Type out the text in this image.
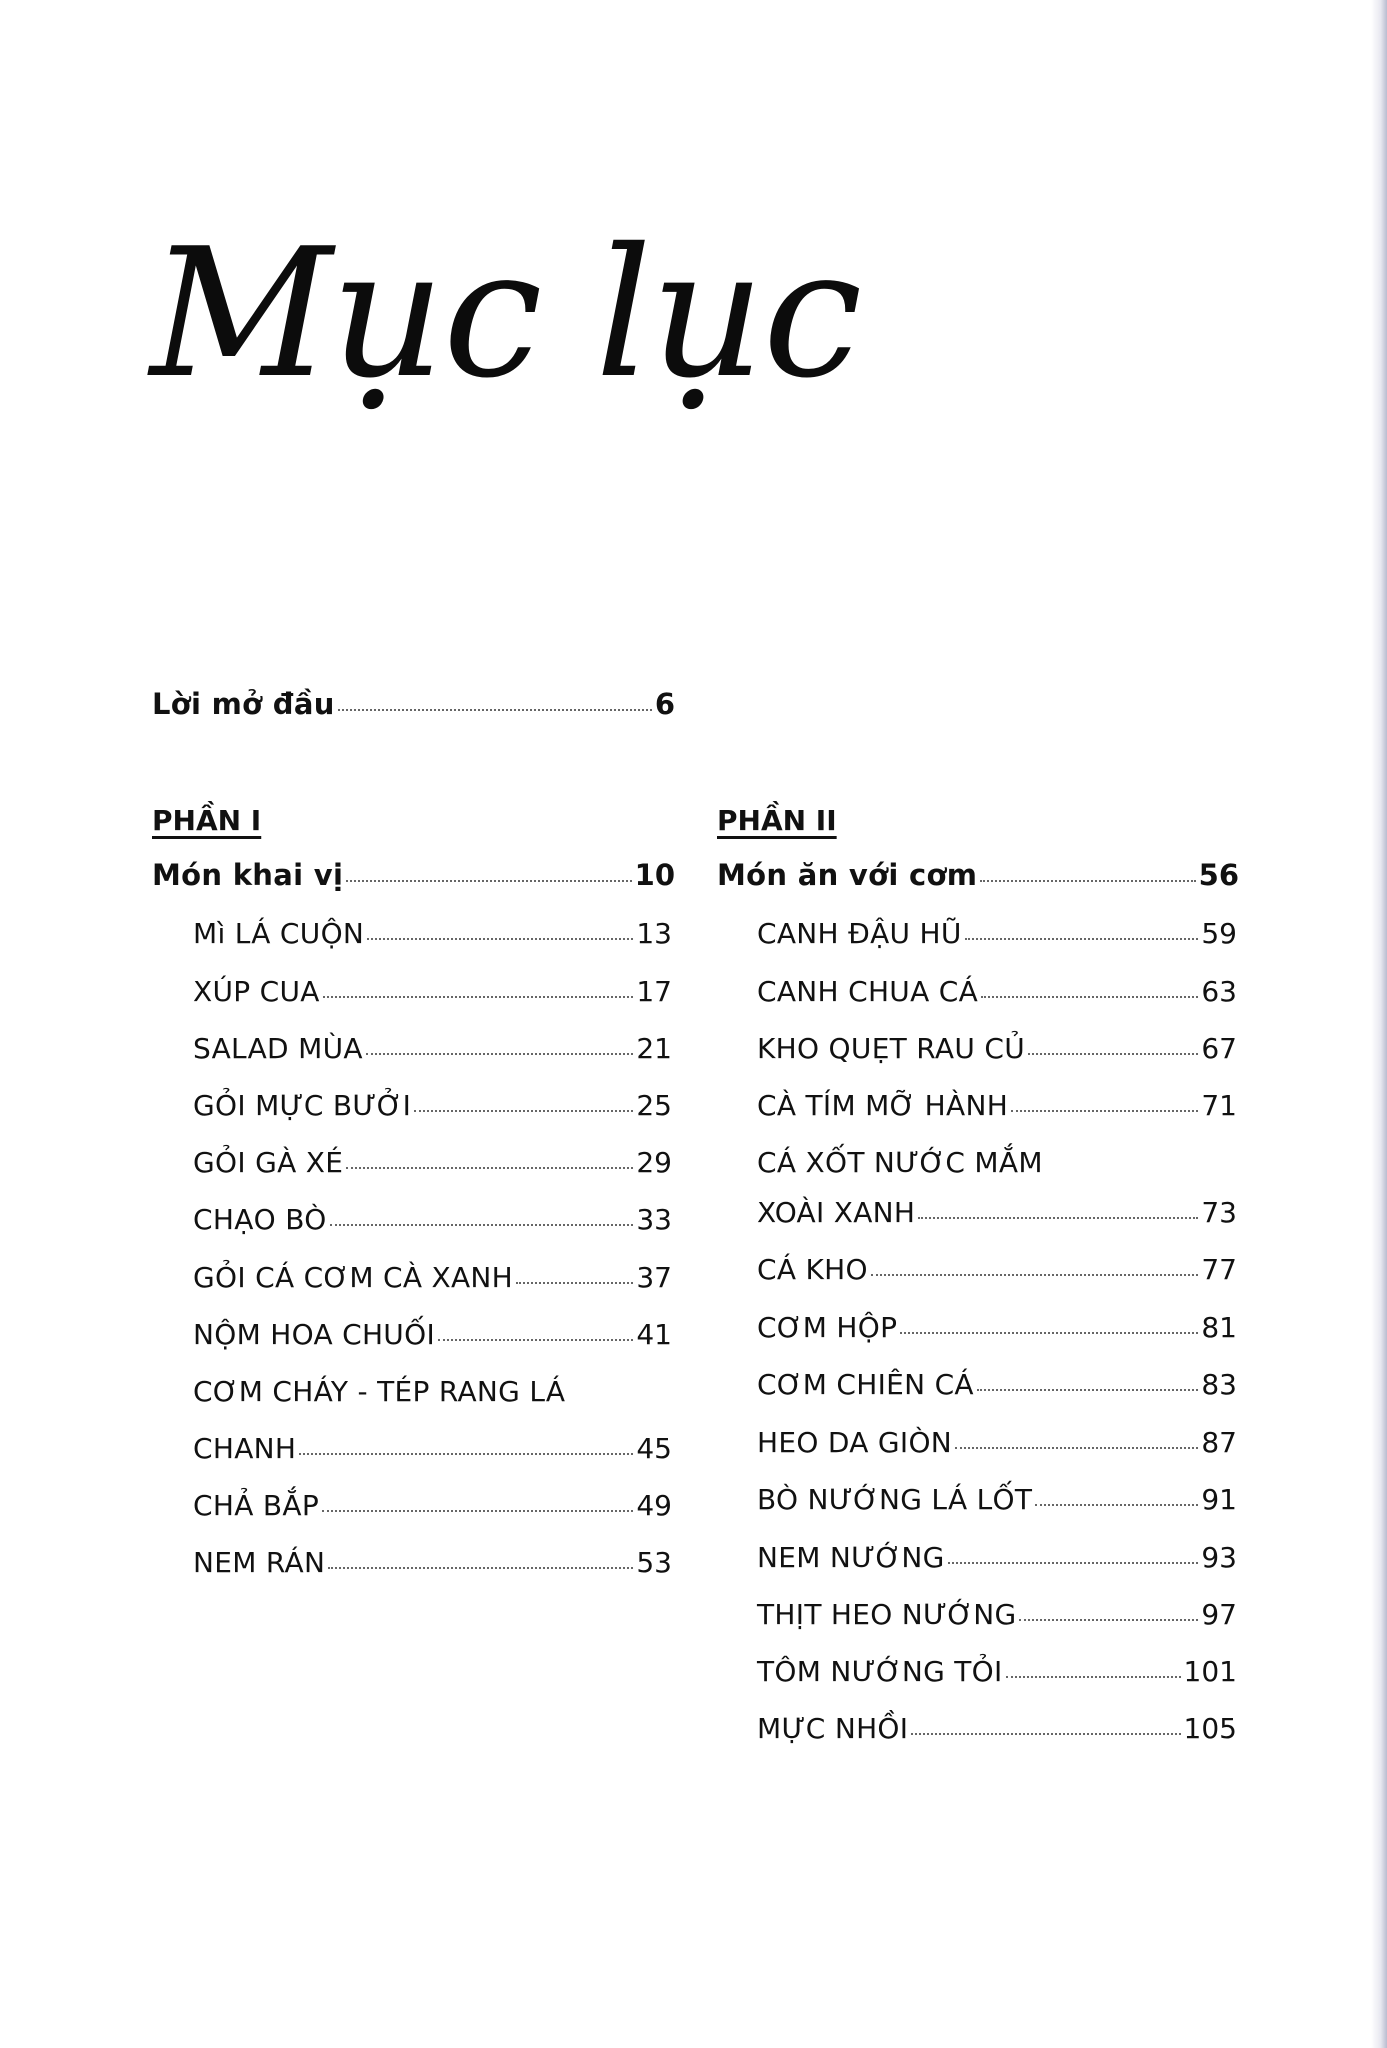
Mục lục
Lời mở đầu	6
PHẦN I
Món khai vị	10
Mì LÁ CUỘN	13
XÚP CUA	17
SALAD MÙA	21
GỎI MỰC BƯỞI	25
GỎI GÀ XÉ	29
CHẠO BÒ	33
GỎI CÁ CƠM CÀ XANH	37
NỘM HOA CHUỐI	41
CƠM CHÁY - TÉP RANG LÁ
CHANH	45
CHẢ BẮP	49
NEM RÁN	53
PHẦN II
Món ăn với cơm	56
CANH ĐẬU HŨ	59
CANH CHUA CÁ	63
KHO QUẸT RAU CỦ	67
CÀ TÍM MỠ HÀNH	71
CÁ XỐT NƯỚC MẮM
XOÀI XANH	73
CÁ KHO	77
CƠM HỘP	81
CƠM CHIÊN CÁ	83
HEO DA GIÒN	87
BÒ NƯỚNG LÁ LỐT	91
NEM NƯỚNG	93
THỊT HEO NƯỚNG	97
TÔM NƯỚNG TỎI	101
MỰC NHỒI	105
